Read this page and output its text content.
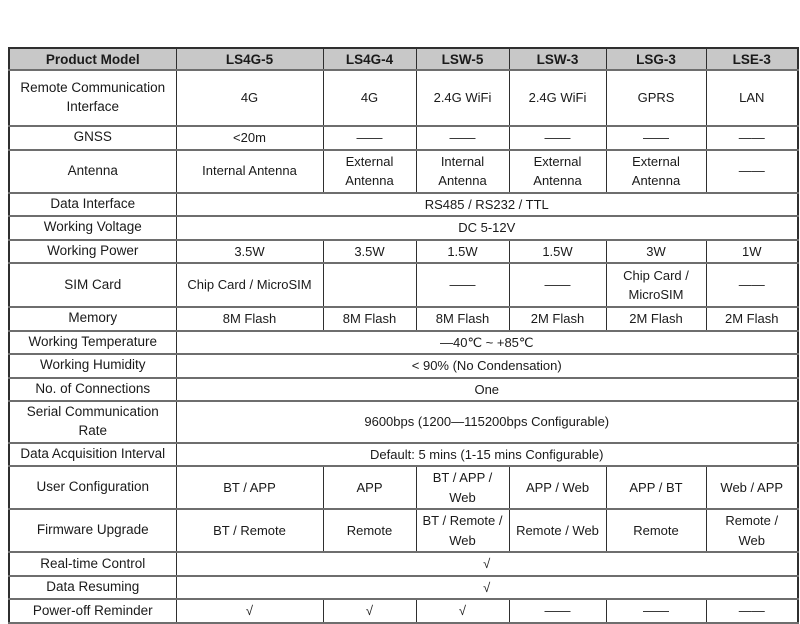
Product Model	LS4G-5	LS4G-4	LSW-5	LSW-3	LSG-3	LSE-3
Remote Communication Interface	4G	4G	2.4G WiFi	2.4G WiFi	GPRS	LAN
GNSS	<20m	——	——	——	——	——
Antenna	Internal Antenna	External Antenna	Internal Antenna	External Antenna	External Antenna	——
Data Interface	RS485 / RS232 / TTL					
Working Voltage	DC 5-12V					
Working Power	3.5W	3.5W	1.5W	1.5W	3W	1W
SIM Card	Chip Card / MicroSIM		——	——	Chip Card / MicroSIM	——
Memory	8M Flash	8M Flash	8M Flash	2M Flash	2M Flash	2M Flash
Working Temperature	—40℃ ~ +85℃					
Working Humidity	< 90% (No Condensation)					
No. of Connections	One					
Serial Communication Rate	9600bps (1200—115200bps Configurable)					
Data Acquisition Interval	Default: 5 mins (1-15 mins Configurable)					
User Configuration	BT / APP	APP	BT / APP / Web	APP / Web	APP / BT	Web / APP
Firmware Upgrade	BT / Remote	Remote	BT / Remote / Web	Remote / Web	Remote	Remote / Web
Real-time Control	√					
Data Resuming	√					
Power-off Reminder	√	√	√	——	——	——
